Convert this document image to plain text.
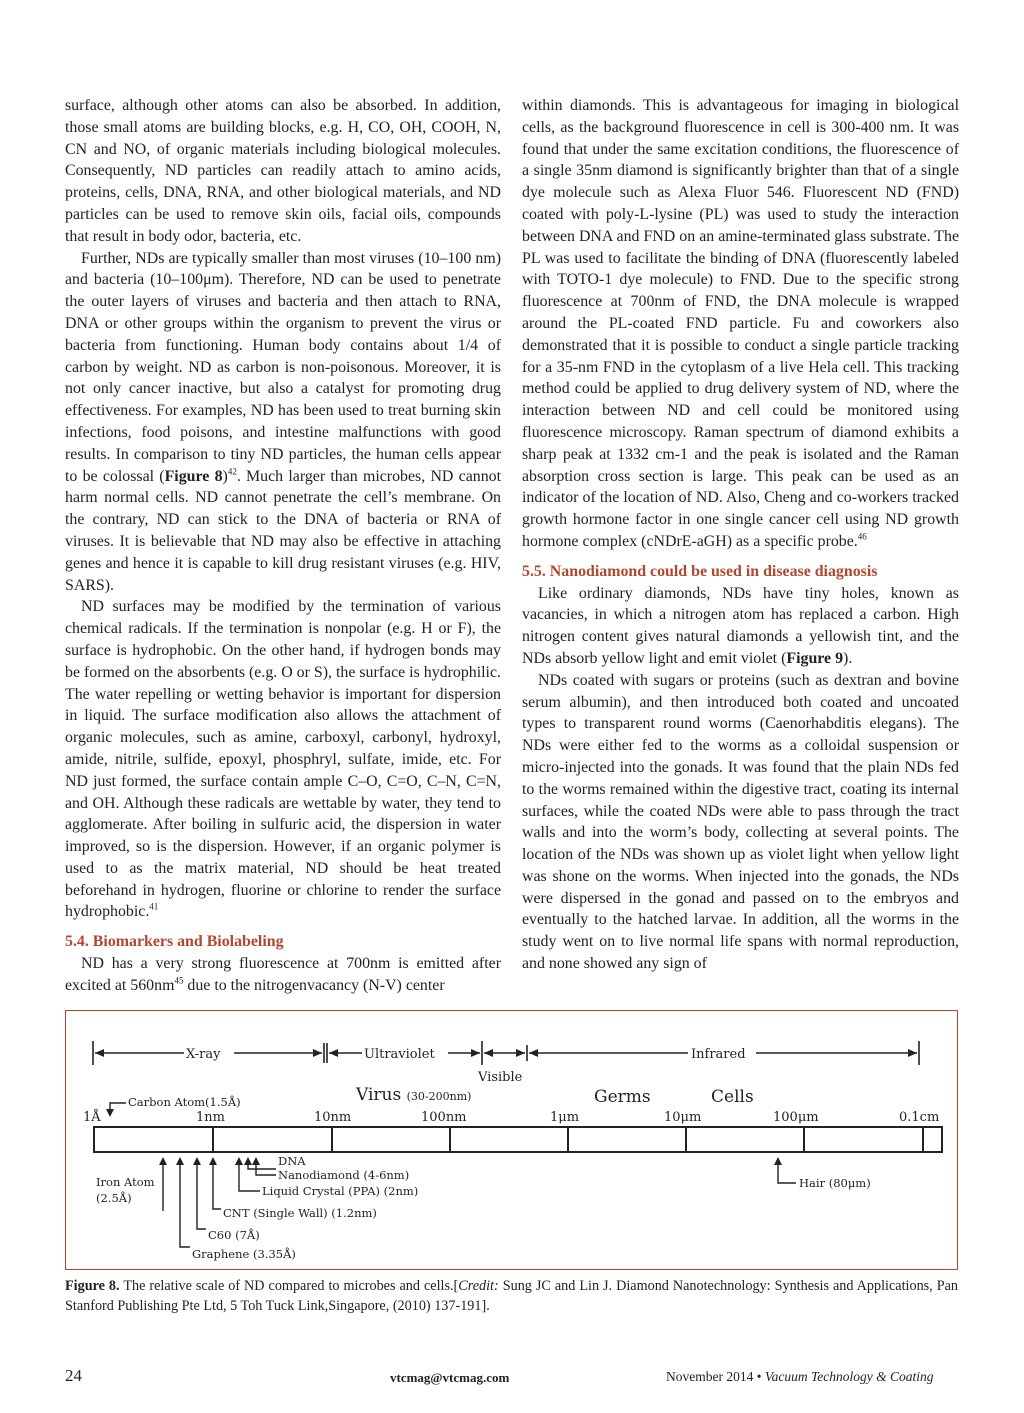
surface, although other atoms can also be absorbed. In addition, those small atoms are building blocks, e.g. H, CO, OH, COOH, N, CN and NO, of organic materials including biological molecules. Consequently, ND particles can readily attach to amino acids, proteins, cells, DNA, RNA, and other biological materials, and ND particles can be used to remove skin oils, facial oils, compounds that result in body odor, bacteria, etc.

Further, NDs are typically smaller than most viruses (10–100 nm) and bacteria (10–100μm). Therefore, ND can be used to penetrate the outer layers of viruses and bacteria and then attach to RNA, DNA or other groups within the organism to prevent the virus or bacteria from functioning. Human body contains about 1/4 of carbon by weight. ND as carbon is non-poisonous. Moreover, it is not only cancer inactive, but also a catalyst for promoting drug effectiveness. For examples, ND has been used to treat burning skin infections, food poisons, and intestine malfunctions with good results. In comparison to tiny ND particles, the human cells appear to be colossal (Figure 8)$^{42}$. Much larger than microbes, ND cannot harm normal cells. ND cannot penetrate the cell’s membrane. On the contrary, ND can stick to the DNA of bacteria or RNA of viruses. It is believable that ND may also be effective in attaching genes and hence it is capable to kill drug resistant viruses (e.g. HIV, SARS).

ND surfaces may be modified by the termination of various chemical radicals. If the termination is nonpolar (e.g. H or F), the surface is hydrophobic. On the other hand, if hydrogen bonds may be formed on the absorbents (e.g. O or S), the surface is hydrophilic. The water repelling or wetting behavior is important for dispersion in liquid. The surface modification also allows the attachment of organic molecules, such as amine, carboxyl, carbonyl, hydroxyl, amide, nitrile, sulfide, epoxyl, phosphryl, sulfate, imide, etc. For ND just formed, the surface contain ample C–O, C=O, C–N, C=N, and OH. Although these radicals are wettable by water, they tend to agglomerate. After boiling in sulfuric acid, the dispersion in water improved, so is the dispersion. However, if an organic polymer is used to as the matrix material, ND should be heat treated beforehand in hydrogen, fluorine or chlorine to render the surface hydrophobic.$^{41}$

5.4. Biomarkers and Biolabeling

ND has a very strong fluorescence at 700nm is emitted after excited at $560nm^{45}$ due to the nitrogenvacancy (N-V) center

within diamonds. This is advantageous for imaging in biological cells, as the background fluorescence in cell is 300-400 nm. It was found that under the same excitation conditions, the fluorescence of a single 35nm diamond is significantly brighter than that of a single dye molecule such as Alexa Fluor 546. Fluorescent ND (FND) coated with poly-L-lysine (PL) was used to study the interaction between DNA and FND on an amine-terminated glass substrate. The PL was used to facilitate the binding of DNA (fluorescently labeled with TOTO-1 dye molecule) to FND. Due to the specific strong fluorescence at 700nm of FND, the DNA molecule is wrapped around the PL-coated FND particle. Fu and coworkers also demonstrated that it is possible to conduct a single particle tracking for a 35-nm FND in the cytoplasm of a live Hela cell. This tracking method could be applied to drug delivery system of ND, where the interaction between ND and cell could be monitored using fluorescence microscopy. Raman spectrum of diamond exhibits a sharp peak at 1332 cm-1 and the peak is isolated and the Raman absorption cross section is large. This peak can be used as an indicator of the location of ND. Also, Cheng and co-workers tracked growth hormone factor in one single cancer cell using ND growth hormone complex (cNDrE-aGH) as a specific probe.$^{46}$

5.5. Nanodiamond could be used in disease diagnosis

Like ordinary diamonds, NDs have tiny holes, known as vacancies, in which a nitrogen atom has replaced a carbon. High nitrogen content gives natural diamonds a yellowish tint, and the NDs absorb yellow light and emit violet (Figure 9).

NDs coated with sugars or proteins (such as dextran and bovine serum albumin), and then introduced both coated and uncoated types to transparent round worms (Caenorhabditis elegans). The NDs were either fed to the worms as a colloidal suspension or micro-injected into the gonads. It was found that the plain NDs fed to the worms remained within the digestive tract, coating its internal surfaces, while the coated NDs were able to pass through the tract walls and into the worm’s body, collecting at several points. The location of the NDs was shown up as violet light when yellow light was shone on the worms. When injected into the gonads, the NDs were dispersed in the gonad and passed on to the embryos and eventually to the hatched larvae. In addition, all the worms in the study went on to live normal life spans with normal reproduction, and none showed any sign of

X-ray	Ultraviolet
Visible
Infrared
Virus (30-200nm)	Germs	Cells
Carbon Atom(1.5Å)
1Å	1nm	10nm	100nm	1μm	10μm	100μm	0.1cm
Iron Atom
(2.5Å)
DNA
Nanodiamond (4-6nm)
Liquid Crystal (PPA) (2nm)
CNT (Single Wall) (1.2nm)
C60 (7Å)
Graphene (3.35Å)
Hair (80μm)
Figure 8. The relative scale of ND compared to microbes and cells.[Credit: Sung JC and Lin J. Diamond Nanotechnology: Synthesis and Applications, Pan Stanford Publishing Pte Ltd, 5 Toh Tuck Link,Singapore, (2010) 137-191].
24	vtcmag@vtcmag.com	November 2014 • Vacuum Technology & Coating
